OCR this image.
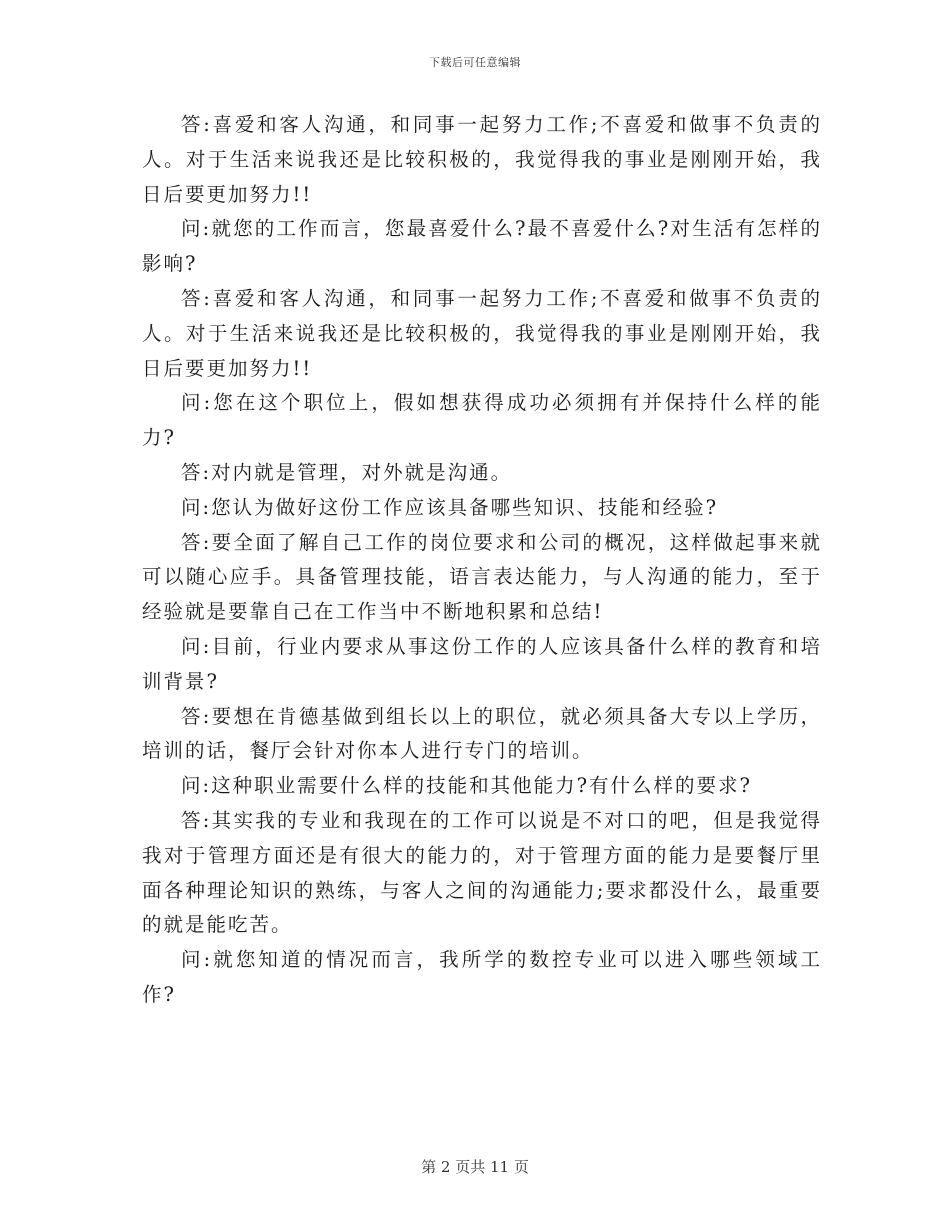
下载后可任意编辑

答:喜爱和客人沟通，和同事一起努力工作;不喜爱和做事不负责的人。对于生活来说我还是比较积极的，我觉得我的事业是刚刚开始，我日后要更加努力!!

问:就您的工作而言，您最喜爱什么?最不喜爱什么?对生活有怎样的影响?

答:喜爱和客人沟通，和同事一起努力工作;不喜爱和做事不负责的人。对于生活来说我还是比较积极的，我觉得我的事业是刚刚开始，我日后要更加努力!!

问:您在这个职位上，假如想获得成功必须拥有并保持什么样的能力?

答:对内就是管理，对外就是沟通。

问:您认为做好这份工作应该具备哪些知识、技能和经验?

答:要全面了解自己工作的岗位要求和公司的概况，这样做起事来就可以随心应手。具备管理技能，语言表达能力，与人沟通的能力，至于经验就是要靠自己在工作当中不断地积累和总结!

问:目前，行业内要求从事这份工作的人应该具备什么样的教育和培训背景?

答:要想在肯德基做到组长以上的职位，就必须具备大专以上学历，培训的话，餐厅会针对你本人进行专门的培训。

问:这种职业需要什么样的技能和其他能力?有什么样的要求?

答:其实我的专业和我现在的工作可以说是不对口的吧，但是我觉得我对于管理方面还是有很大的能力的，对于管理方面的能力是要餐厅里面各种理论知识的熟练，与客人之间的沟通能力;要求都没什么，最重要的就是能吃苦。

问:就您知道的情况而言，我所学的数控专业可以进入哪些领域工作?

第 2 页共 11 页
